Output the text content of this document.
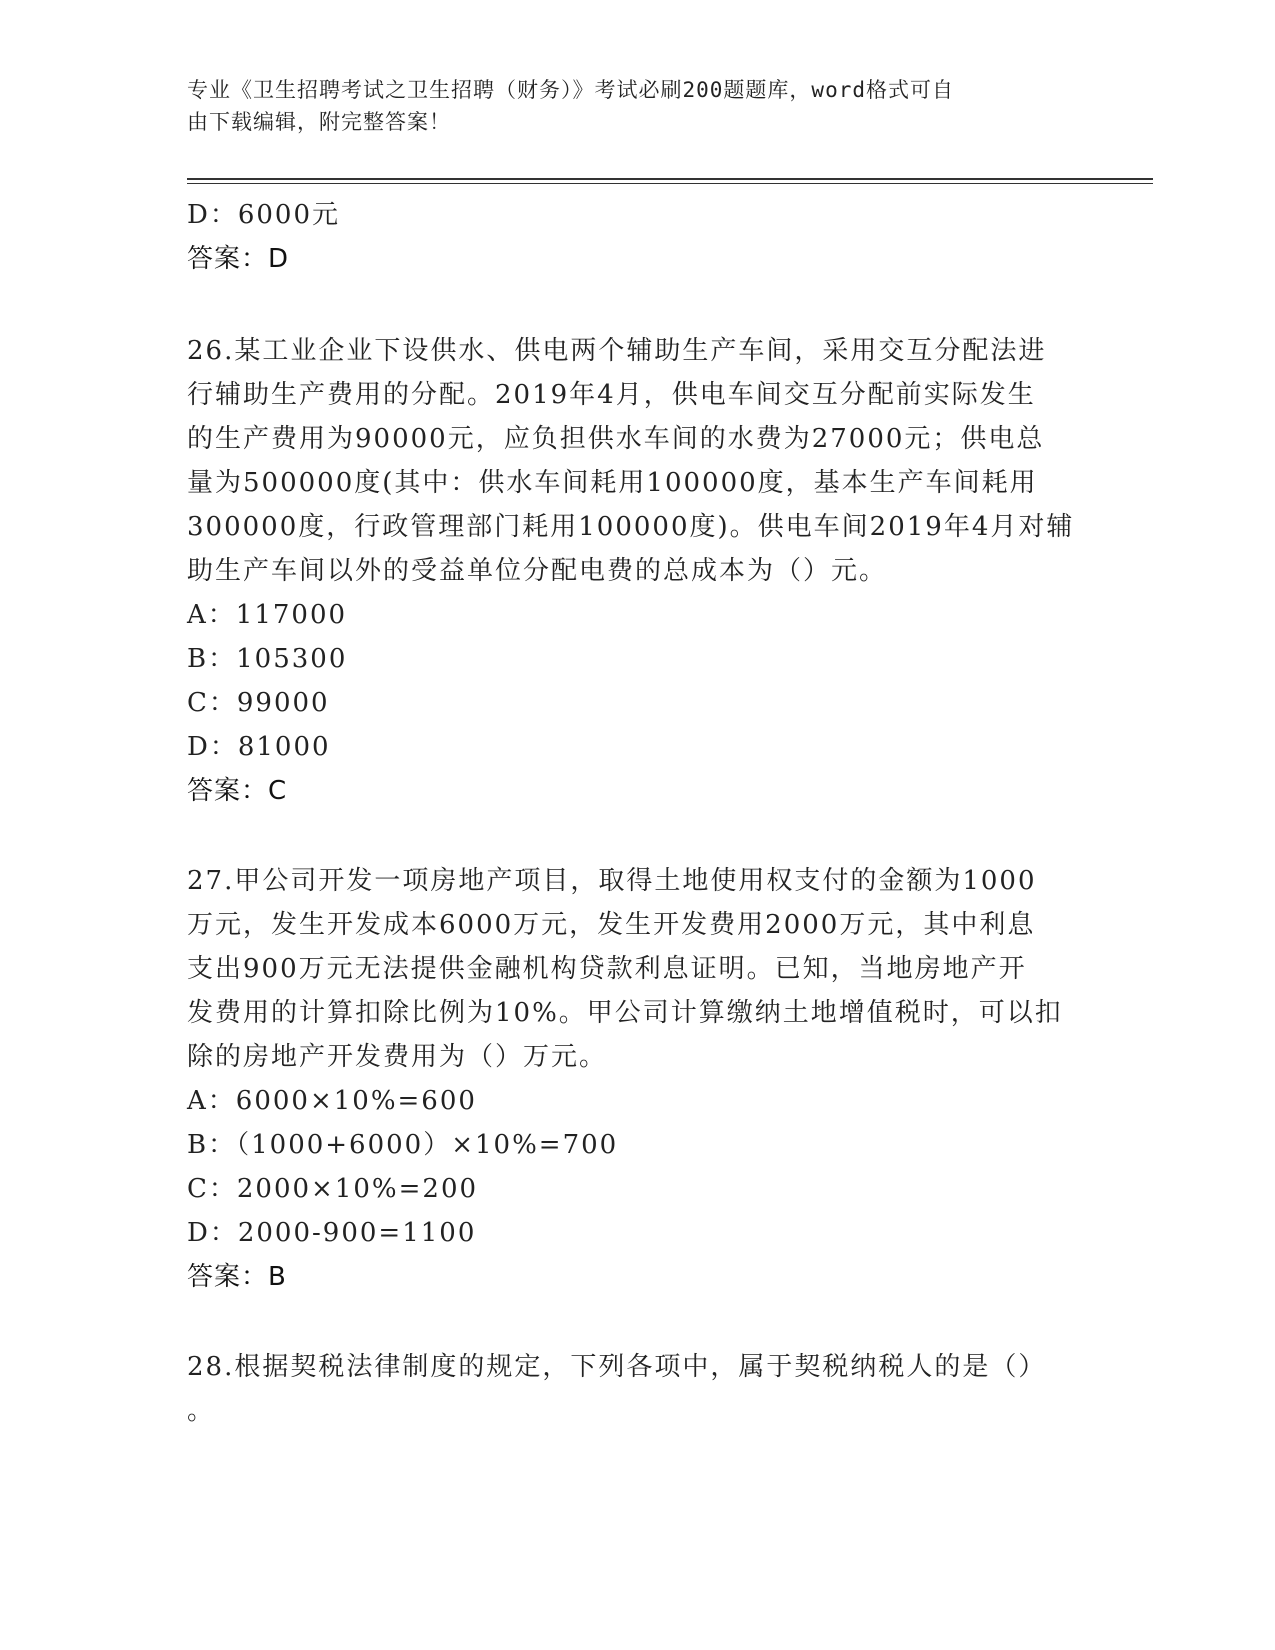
专业《卫生招聘考试之卫生招聘（财务）》考试必刷200题题库，word格式可自
由下载编辑，附完整答案！
D：6000元
答案：D
26.某工业企业下设供水、供电两个辅助生产车间，采用交互分配法进
行辅助生产费用的分配。2019年4月，供电车间交互分配前实际发生
的生产费用为90000元，应负担供水车间的水费为27000元；供电总
量为500000度(其中：供水车间耗用100000度，基本生产车间耗用
300000度，行政管理部门耗用100000度)。供电车间2019年4月对辅
助生产车间以外的受益单位分配电费的总成本为（）元。
A：117000
B：105300
C：99000
D：81000
答案：C
27.甲公司开发一项房地产项目，取得土地使用权支付的金额为1000
万元，发生开发成本6000万元，发生开发费用2000万元，其中利息
支出900万元无法提供金融机构贷款利息证明。已知，当地房地产开
发费用的计算扣除比例为10%。甲公司计算缴纳土地增值税时，可以扣
除的房地产开发费用为（）万元。
A：6000×10%=600
B：（1000+6000）×10%=700
C：2000×10%=200
D：2000-900=1100
答案：B
28.根据契税法律制度的规定，下列各项中，属于契税纳税人的是（）
。
